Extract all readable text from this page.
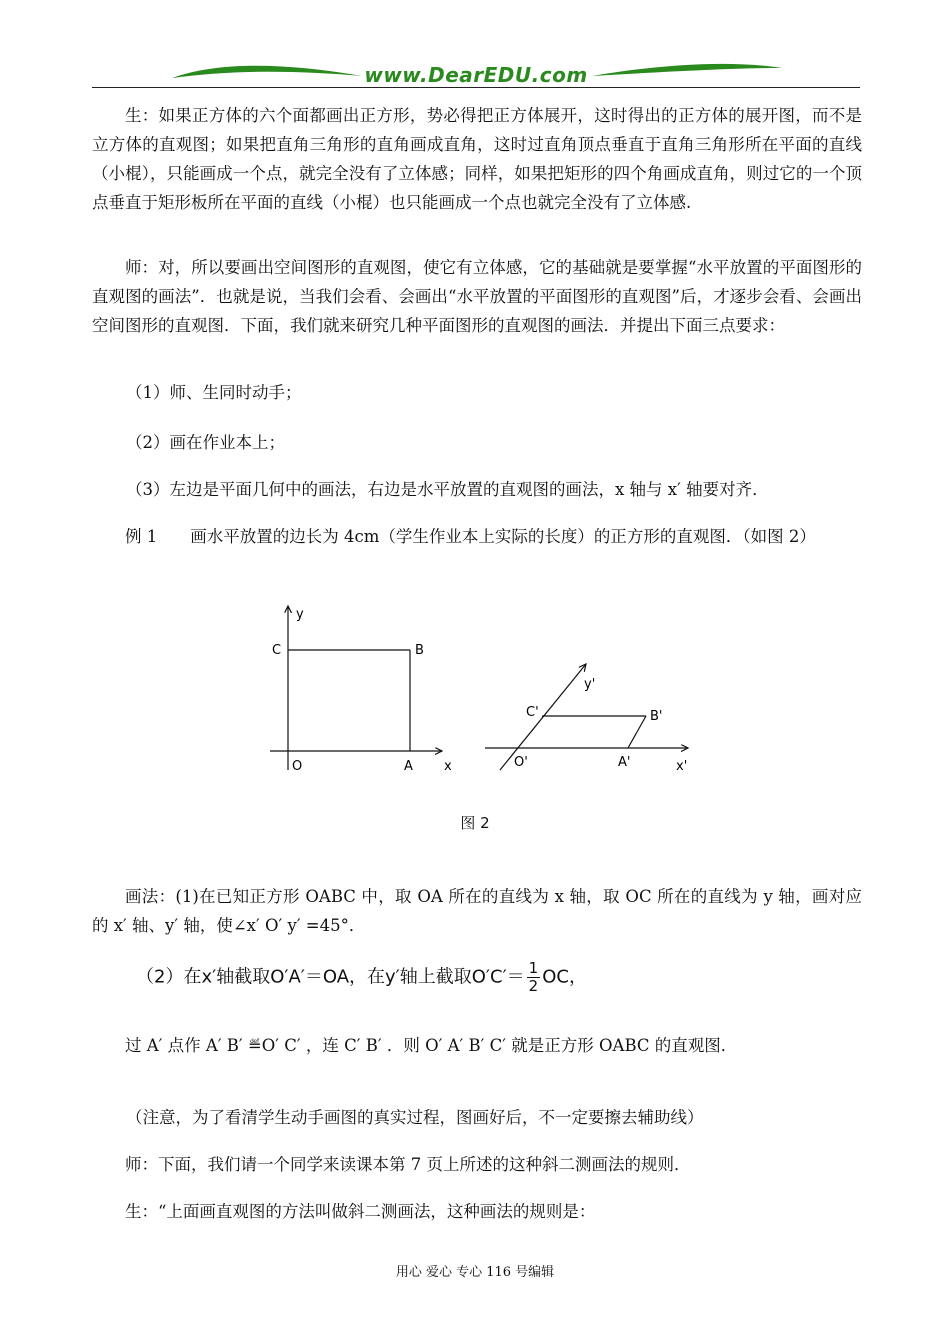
www.DearEDU.com

生：如果正方体的六个面都画出正方形，势必得把正方体展开，这时得出的正方体的展开图，而不是立方体的直观图；如果把直角三角形的直角画成直角，这时过直角顶点垂直于直角三角形所在平面的直线（小棍），只能画成一个点，就完全没有了立体感；同样，如果把矩形的四个角画成直角，则过它的一个顶点垂直于矩形板所在平面的直线（小棍）也只能画成一个点也就完全没有了立体感.

师：对，所以要画出空间图形的直观图，使它有立体感，它的基础就是要掌握“水平放置的平面图形的直观图的画法”．也就是说，当我们会看、会画出“水平放置的平面图形的直观图”后，才逐步会看、会画出空间图形的直观图．下面，我们就来研究几种平面图形的直观图的画法．并提出下面三点要求：

（1）师、生同时动手；

（2）画在作业本上；

（3）左边是平面几何中的画法，右边是水平放置的直观图的画法，x 轴与 x′ 轴要对齐．

例 1　　画水平放置的边长为 4cm（学生作业本上实际的长度）的正方形的直观图．（如图 2）

y
C	B
O	A x
y'
C'	B'
O'	A'	x'
图 2

画法：(1)在已知正方形 OABC 中，取 OA 所在的直线为 x 轴，取 OC 所在的直线为 y 轴，画对应的 x′ 轴、y′ 轴，使∠x′ O′ y′ =45°．

（2）在x′轴截取O′A′＝OA，在y′轴上截取$O'C'= \frac{1}{2}$ OC，

过 A′ 点作 A′ B′ ≝O′ C′ ，连 C′ B′ ．则 O′ A′ B′ C′ 就是正方形 OABC 的直观图．

（注意，为了看清学生动手画图的真实过程，图画好后，不一定要擦去辅助线）

师：下面，我们请一个同学来读课本第 7 页上所述的这种斜二测画法的规则．

生：“上面画直观图的方法叫做斜二测画法，这种画法的规则是：

用心 爱心 专心 116 号编辑
